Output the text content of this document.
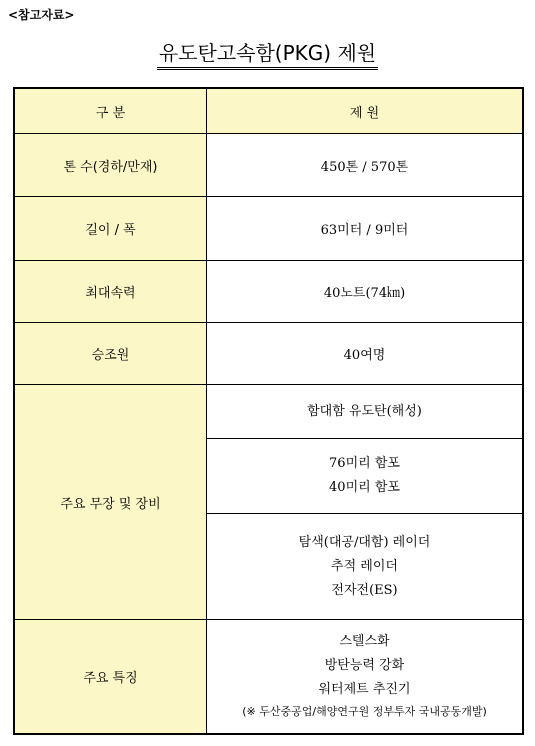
<참고자료>
유도탄고속함(PKG) 제원
구 분	제 원
톤 수(경하/만재)	450톤 / 570톤
길이 / 폭	63미터 / 9미터
최대속력	40노트(74㎞)
승조원	40여명
주요 무장 및 장비	함대함 유도탄(해성)

	76미리 함포
40미리 함포

	탐색(대공/대함) 레이더
추적 레이더
전자전(ES)

주요 특징	스텔스화
방탄능력 강화
워터제트 추진기
(※ 두산중공업/해양연구원 정부투자 국내공동개발)
